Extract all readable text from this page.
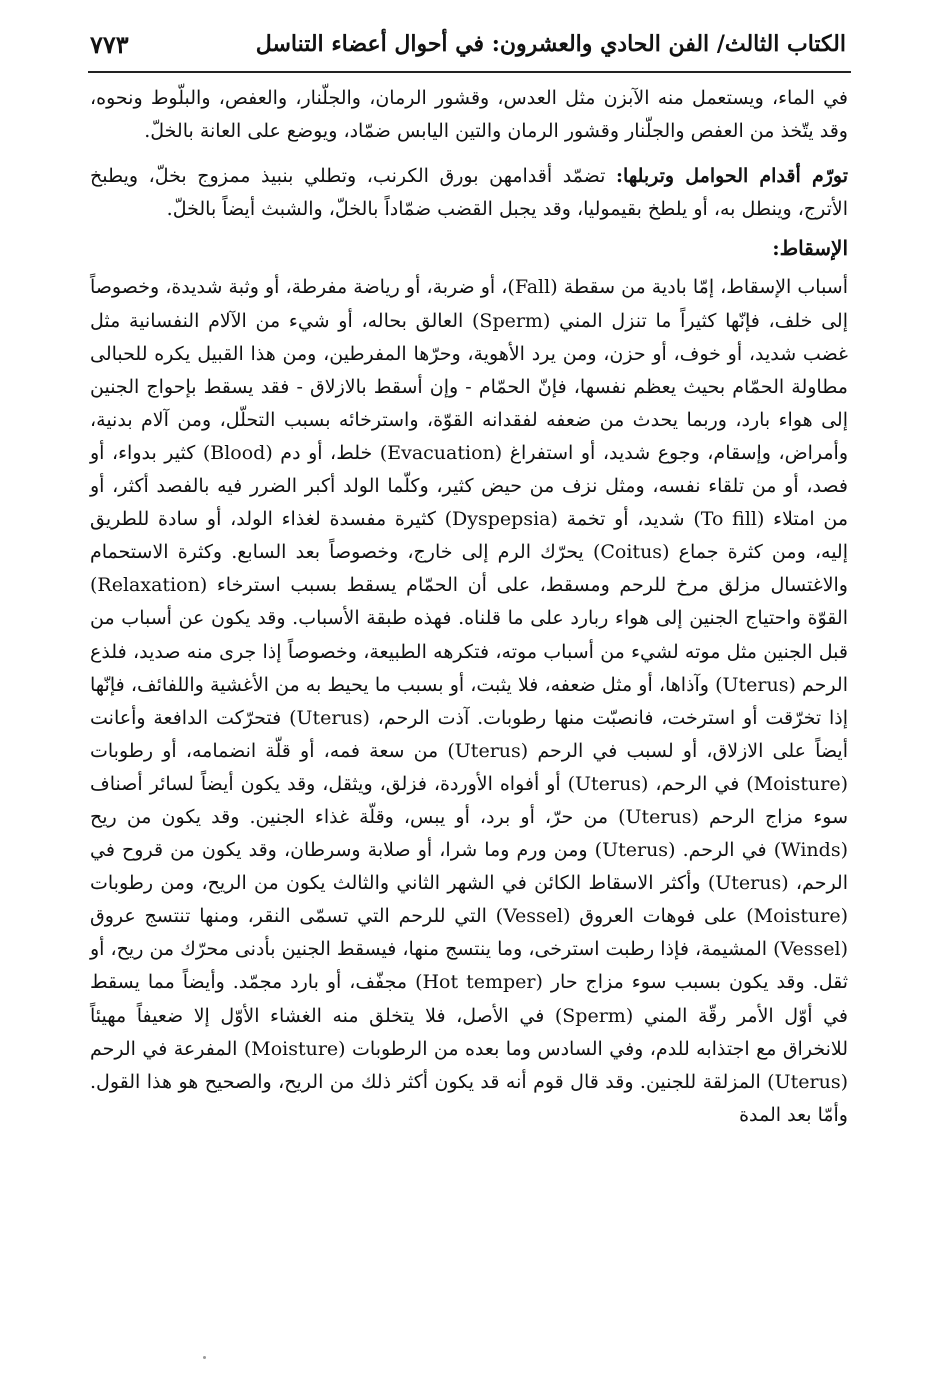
الكتاب الثالث/ الفن الحادي والعشرون: في أحوال أعضاء التناسل
٧٧٣

في الماء، ويستعمل منه الآبزن مثل العدس، وقشور الرمان، والجلّنار، والعفص، والبلّوط ونحوه، وقد يتّخذ من العفص والجلّنار وقشور الرمان والتين اليابس ضمّاد، ويوضع على العانة بالخلّ.

تورّم أقدام الحوامل وتربلها: تضمّد أقدامهن بورق الكرنب، وتطلي بنبيذ ممزوج بخلّ، ويطبخ الأترج، وينطل به، أو يلطخ بقيموليا، وقد يجبل القضب ضمّاداً بالخلّ، والشبث أيضاً بالخلّ.

الإسقاط:

أسباب الإسقاط، إمّا بادية من سقطة (Fall)، أو ضربة، أو رياضة مفرطة، أو وثبة شديدة، وخصوصاً إلى خلف، فإنّها كثيراً ما تنزل المني (Sperm) العالق بحاله، أو شيء من الآلام النفسانية مثل غضب شديد، أو خوف، أو حزن، ومن يرد الأهوية، وحرّها المفرطين، ومن هذا القبيل يكره للحبالى مطاولة الحمّام بحيث يعظم نفسها، فإنّ الحمّام - وإن أسقط بالازلاق - فقد يسقط بإحواج الجنين إلى هواء بارد، وربما يحدث من ضعفه لفقدانه القوّة، واسترخائه بسبب التحلّل، ومن آلام بدنية، وأمراض، وإسقام، وجوع شديد، أو استفراغ (Evacuation) خلط، أو دم (Blood) كثير بدواء، أو فصد، أو من تلقاء نفسه، ومثل نزف من حيض كثير، وكلّما الولد أكبر الضرر فيه بالفصد أكثر، أو من امتلاء (To fill) شديد، أو تخمة (Dyspepsia) كثيرة مفسدة لغذاء الولد، أو سادة للطريق إليه، ومن كثرة جماع (Coitus) يحرّك الرم إلى خارج، وخصوصاً بعد السابع. وكثرة الاستحمام والاغتسال مزلق مرخ للرحم ومسقط، على أن الحمّام يسقط بسبب استرخاء (Relaxation) القوّة واحتياج الجنين إلى هواء ربارد على ما قلناه. فهذه طبقة الأسباب. وقد يكون عن أسباب من قبل الجنين مثل موته لشيء من أسباب موته، فتكرهه الطبيعة، وخصوصاً إذا جرى منه صديد، فلذع الرحم (Uterus) وآذاها، أو مثل ضعفه، فلا يثبت، أو بسبب ما يحيط به من الأغشية واللفائف، فإنّها إذا تخرّقت أو استرخت، فانصبّت منها رطوبات. آذت الرحم، (Uterus) فتحرّكت الدافعة وأعانت أيضاً على الازلاق، أو لسبب في الرحم (Uterus) من سعة فمه، أو قلّة انضمامه، أو رطوبات (Moisture) في الرحم، (Uterus) أو أفواه الأوردة، فزلق، ويثقل، وقد يكون أيضاً لسائر أصناف سوء مزاج الرحم (Uterus) من حرّ، أو برد، أو يبس، وقلّة غذاء الجنين. وقد يكون من ريح (Winds) في الرحم. (Uterus) ومن ورم وما شرا، أو صلابة وسرطان، وقد يكون من قروح في الرحم، (Uterus) وأكثر الاسقاط الكائن في الشهر الثاني والثالث يكون من الريح، ومن رطوبات (Moisture) على فوهات العروق (Vessel) التي للرحم التي تسمّى النقر، ومنها تنتسج عروق (Vessel) المشيمة، فإذا رطبت استرخى، وما ينتسج منها، فيسقط الجنين بأدنى محرّك من ريح، أو ثقل. وقد يكون بسبب سوء مزاج حار (Hot temper) مجفّف، أو بارد مجمّد. وأيضاً مما يسقط في أوّل الأمر رقّة المني (Sperm) في الأصل، فلا يتخلق منه الغشاء الأوّل إلا ضعيفاً مهيئاً للانخراق مع اجتذابه للدم، وفي السادس وما بعده من الرطوبات (Moisture) المفرعة في الرحم (Uterus) المزلقة للجنين. وقد قال قوم أنه قد يكون أكثر ذلك من الريح، والصحيح هو هذا القول. وأمّا بعد المدة
